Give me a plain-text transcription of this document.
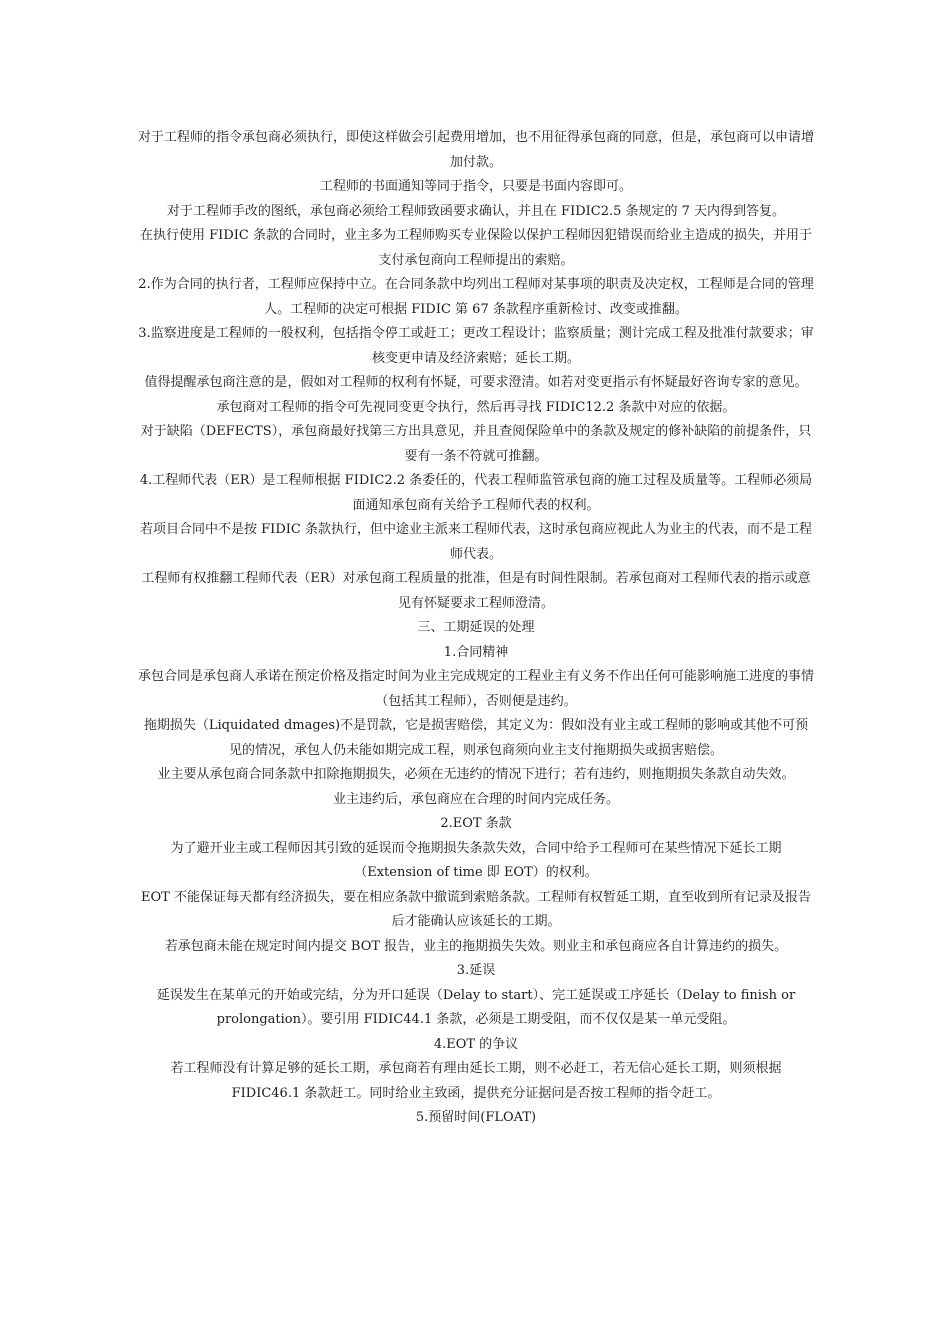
对于工程师的指令承包商必须执行，即使这样做会引起费用增加，也不用征得承包商的同意，但是，承包商可以申请增加付款。

工程师的书面通知等同于指令，只要是书面内容即可。

对于工程师手改的图纸，承包商必须给工程师致函要求确认，并且在 FIDIC2.5 条规定的 7 天内得到答复。

在执行使用 FIDIC 条款的合同时，业主多为工程师购买专业保险以保护工程师因犯错误而给业主造成的损失，并用于支付承包商向工程师提出的索赔。

2.作为合同的执行者，工程师应保持中立。在合同条款中均列出工程师对某事项的职责及决定权，工程师是合同的管理人。工程师的决定可根据 FIDIC 第 67 条款程序重新检讨、改变或推翻。

3.监察进度是工程师的一般权利，包括指令停工或赶工；更改工程设计；监察质量；测计完成工程及批准付款要求；审核变更申请及经济索赔；延长工期。

值得提醒承包商注意的是，假如对工程师的权利有怀疑，可要求澄清。如若对变更指示有怀疑最好咨询专家的意见。

承包商对工程师的指令可先视同变更令执行，然后再寻找 FIDIC12.2 条款中对应的依据。

对于缺陷（DEFECTS），承包商最好找第三方出具意见，并且查阅保险单中的条款及规定的修补缺陷的前提条件，只要有一条不符就可推翻。

4.工程师代表（ER）是工程师根据 FIDIC2.2 条委任的，代表工程师监管承包商的施工过程及质量等。工程师必须局面通知承包商有关给予工程师代表的权利。

若项目合同中不是按 FIDIC 条款执行，但中途业主派来工程师代表，这时承包商应视此人为业主的代表，而不是工程师代表。

工程师有权推翻工程师代表（ER）对承包商工程质量的批准，但是有时间性限制。若承包商对工程师代表的指示或意见有怀疑要求工程师澄清。

三、工期延误的处理

1.合同精神

承包合同是承包商人承诺在预定价格及指定时间为业主完成规定的工程业主有义务不作出任何可能影响施工进度的事情（包括其工程师），否则便是违约。

拖期损失（Liquidated dmages)不是罚款，它是损害赔偿，其定义为：假如没有业主或工程师的影响或其他不可预见的情况，承包人仍未能如期完成工程，则承包商须向业主支付拖期损失或损害赔偿。

业主要从承包商合同条款中扣除拖期损失，必须在无违约的情况下进行；若有违约，则拖期损失条款自动失效。

业主违约后，承包商应在合理的时间内完成任务。

2.EOT 条款

为了避开业主或工程师因其引致的延误而令拖期损失条款失效，合同中给予工程师可在某些情况下延长工期（Extension of time 即 EOT）的权利。

EOT 不能保证每天都有经济损失，要在相应条款中撤谎到索赔条款。工程师有权暂延工期，直至收到所有记录及报告后才能确认应该延长的工期。

若承包商未能在规定时间内提交 BOT 报告，业主的拖期损失失效。则业主和承包商应各自计算违约的损失。

3.延误

延误发生在某单元的开始或完结，分为开口延误（Delay to start）、完工延误或工序延长（Delay to finish or prolongation）。要引用 FIDIC44.1 条款，必须是工期受阻，而不仅仅是某一单元受阻。

4.EOT 的争议

若工程师没有计算足够的延长工期，承包商若有理由延长工期，则不必赶工，若无信心延长工期，则须根据 FIDIC46.1 条款赶工。同时给业主致函，提供充分证据问是否按工程师的指令赶工。

5.预留时间(FLOAT)
